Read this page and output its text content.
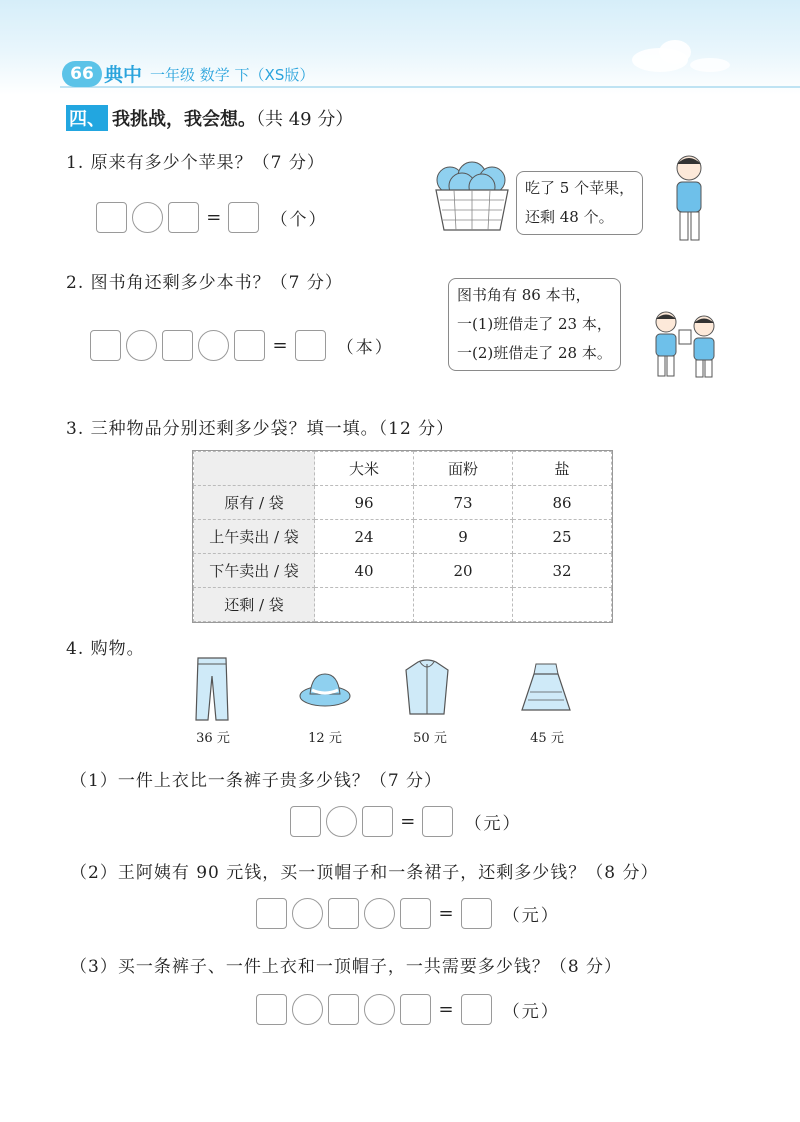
66 典中 一年级 数学 下（XS版）
四、 我挑战，我会想。（共 49 分）
1. 原来有多少个苹果？（7 分）
=	（个）
吃了 5 个苹果，
还剩 48 个。
2. 图书角还剩多少本书？（7 分）
=	（本）
图书角有 86 本书，
一(1)班借走了 23 本，
一(2)班借走了 28 本。
3. 三种物品分别还剩多少袋？填一填。（12 分）
	大米	面粉	盐
原有 / 袋	96	73	86
上午卖出 / 袋	24	9	25
下午卖出 / 袋	40	20	32
还剩 / 袋			
4. 购物。
36 元	12 元	50 元	45 元
（1）一件上衣比一条裤子贵多少钱？（7 分）
=	（元）
（2）王阿姨有 90 元钱，买一顶帽子和一条裙子，还剩多少钱？（8 分）
=	（元）
（3）买一条裤子、一件上衣和一顶帽子，一共需要多少钱？（8 分）
=	（元）
